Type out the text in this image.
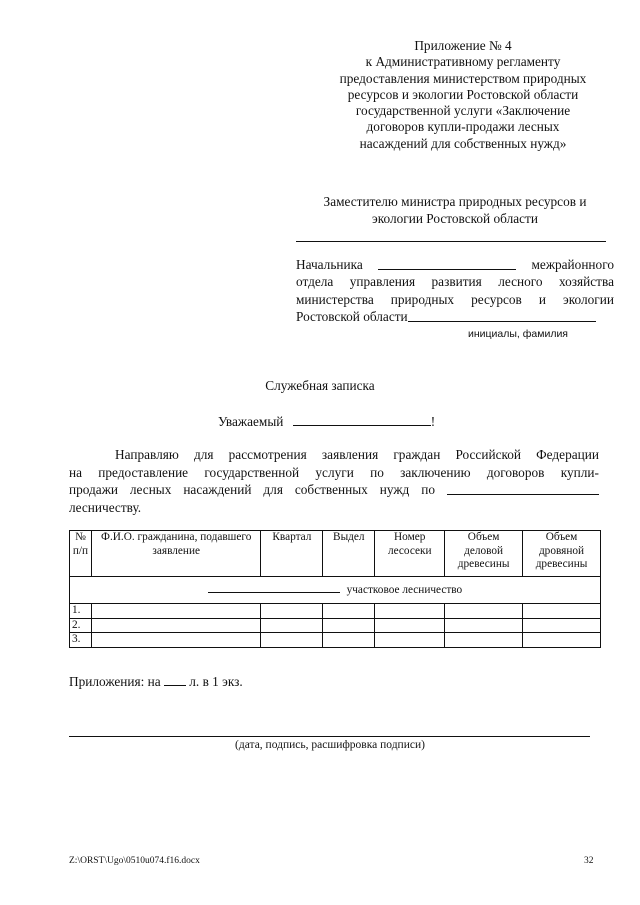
Приложение № 4
к Административному регламенту
предоставления министерством природных
ресурсов и экологии Ростовской области
государственной услуги «Заключение
договоров купли-продажи лесных
насаждений для собственных нужд»
Заместителю министра природных ресурсов и
экологии Ростовской области
Начальника	межрайонного
отдела управления развития лесного хозяйства
министерства природных ресурсов и экологии
Ростовской области
инициалы, фамилия
Служебная записка
Уважаемый	!
Направляю для рассмотрения заявления граждан Российской Федерации
на предоставление государственной услуги по заключению договоров купли-
продажи лесных насаждений для собственных нужд по
лесничеству.
№ п/п	Ф.И.О. гражданина, подавшего заявление	Квартал	Выдел	Номер лесосеки	Объем деловой древесины	Объем дровяной древесины
участковое лесничество						
1.						
2.						
3.						
Приложения: на л. в 1 экз.
(дата, подпись, расшифровка подписи)
Z:\ORST\Ugo\0510u074.f16.docx	32
